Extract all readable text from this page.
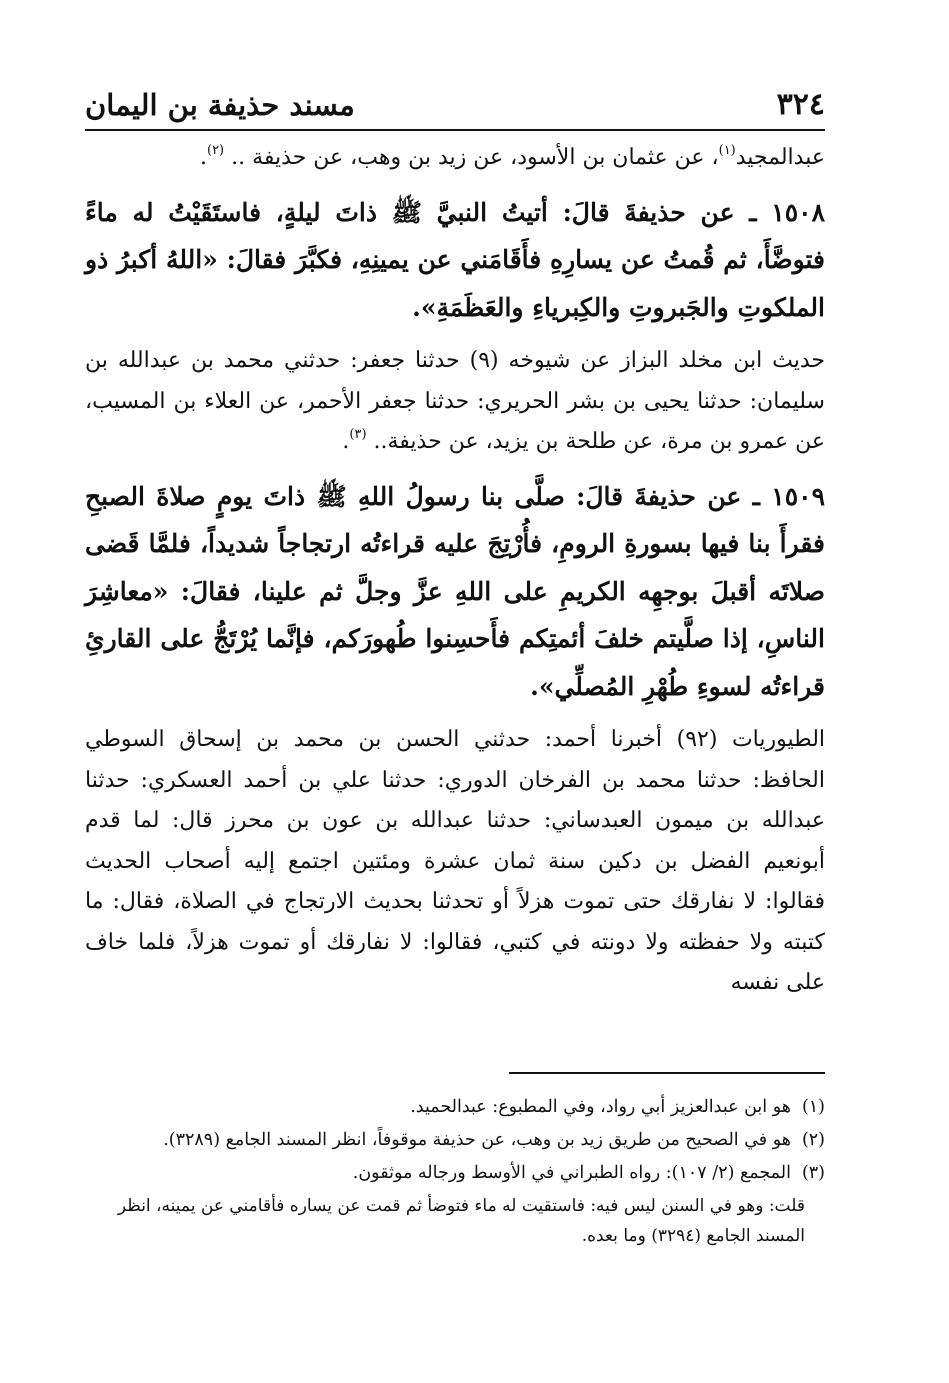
٣٢٤
مسند حذيفة بن اليمان

عبدالمجيد$^{(١)}$، عن عثمان بن الأسود، عن زيد بن وهب، عن حذيفة .. $^{(٢)}$.

١٥٠٨ ـ عن حذيفةَ قالَ: أتيتُ النبيَّ ﷺ ذاتَ ليلةٍ، فاستَقَيْتُ له ماءً فتوضَّأَ، ثم قُمتُ عن يسارِهِ فأَقَامَني عن يمينِهِ، فكبَّرَ فقالَ: «اللهُ أكبرُ ذو الملكوتِ والجَبروتِ والكِبرياءِ والعَظَمَةِ».

حديث ابن مخلد البزاز عن شيوخه (٩) حدثنا جعفر: حدثني محمد بن عبدالله بن سليمان: حدثنا يحيى بن بشر الحريري: حدثنا جعفر الأحمر، عن العلاء بن المسيب، عن عمرو بن مرة، عن طلحة بن يزيد، عن حذيفة.. $^{(٣)}$.

١٥٠٩ ـ عن حذيفةَ قالَ: صلَّى بنا رسولُ اللهِ ﷺ ذاتَ يومٍ صلاةَ الصبحِ فقرأَ بنا فيها بسورةِ الرومِ، فأُرْتِجَ عليه قراءتُه ارتجاجاً شديداً، فلمَّا قَضى صلاتَه أقبلَ بوجهِه الكريمِ على اللهِ عزَّ وجلَّ ثم علينا، فقالَ: «معاشِرَ الناسِ، إذا صلَّيتم خلفَ أئمتِكم فأَحسِنوا طُهورَكم، فإنَّما يُرْتَجُّ على القارئِ قراءتُه لسوءِ طُهْرِ المُصلِّي».

الطيوريات (٩٢) أخبرنا أحمد: حدثني الحسن بن محمد بن إسحاق السوطي الحافظ: حدثنا محمد بن الفرخان الدوري: حدثنا علي بن أحمد العسكري: حدثنا عبدالله بن ميمون العبدساني: حدثنا عبدالله بن عون بن محرز قال: لما قدم أبونعيم الفضل بن دكين سنة ثمان عشرة ومئتين اجتمع إليه أصحاب الحديث فقالوا: لا نفارقك حتى تموت هزلاً أو تحدثنا بحديث الارتجاج في الصلاة، فقال: ما كتبته ولا حفظته ولا دونته في كتبي، فقالوا: لا نفارقك أو تموت هزلاً، فلما خاف على نفسه

(١)هو ابن عبدالعزيز أبي رواد، وفي المطبوع: عبدالحميد.

(٢)هو في الصحيح من طريق زيد بن وهب، عن حذيفة موقوفاً، انظر المسند الجامع (٣٢٨٩).

(٣)المجمع (٢/ ١٠٧): رواه الطبراني في الأوسط ورجاله موثقون.

قلت: وهو في السنن ليس فيه: فاستقيت له ماء فتوضأ ثم قمت عن يساره فأقامني عن يمينه، انظر المسند الجامع (٣٢٩٤) وما بعده.
